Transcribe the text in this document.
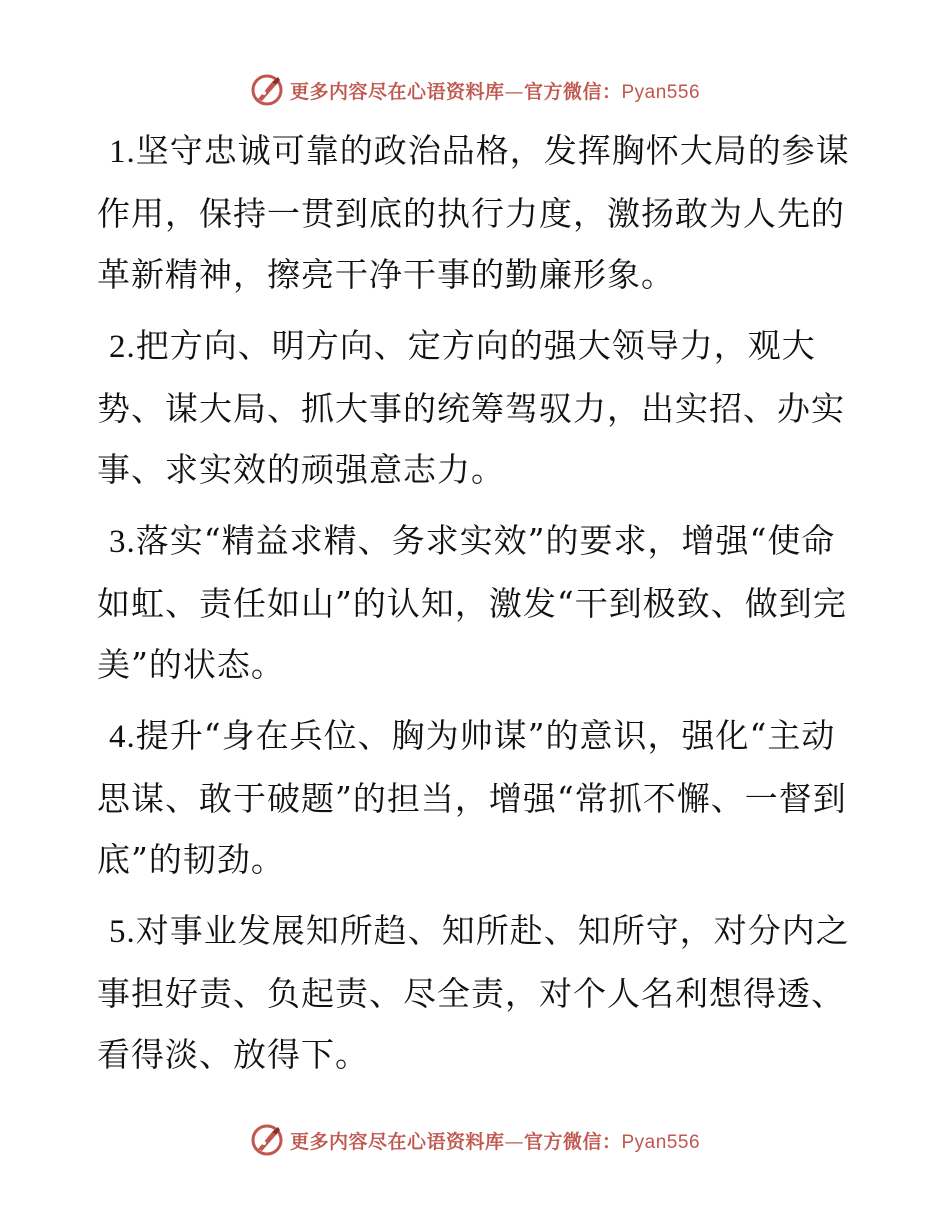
更多内容尽在心语资料库—官方微信：Pyan556

1.坚守忠诚可靠的政治品格，发挥胸怀大局的参谋作用，保持一贯到底的执行力度，激扬敢为人先的革新精神，擦亮干净干事的勤廉形象。

2.把方向、明方向、定方向的强大领导力，观大势、谋大局、抓大事的统筹驾驭力，出实招、办实事、求实效的顽强意志力。

3.落实“精益求精、务求实效”的要求，增强“使命如虹、责任如山”的认知，激发“干到极致、做到完美”的状态。

4.提升“身在兵位、胸为帅谋”的意识，强化“主动思谋、敢于破题”的担当，增强“常抓不懈、一督到底”的韧劲。

5.对事业发展知所趋、知所赴、知所守，对分内之事担好责、负起责、尽全责，对个人名利想得透、看得淡、放得下。

更多内容尽在心语资料库—官方微信：Pyan556
